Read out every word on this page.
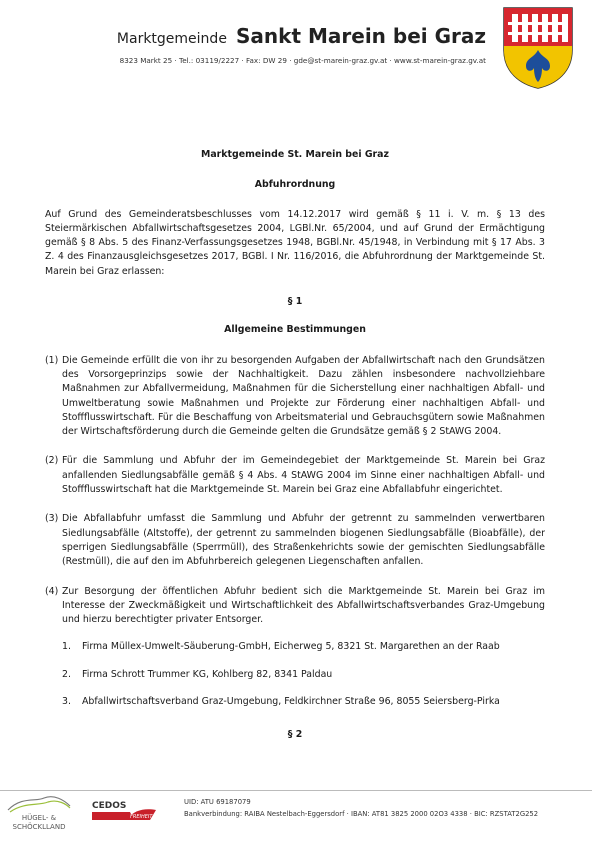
Marktgemeinde Sankt Marein bei Graz
8323 Markt 25 · Tel.: 03119/2227 · Fax: DW 29 · gde@st-marein-graz.gv.at · www.st-marein-graz.gv.at

Marktgemeinde St. Marein bei Graz

Abfuhrordnung

Auf Grund des Gemeinderatsbeschlusses vom 14.12.2017 wird gemäß § 11 i. V. m. § 13 des Steiermärkischen Abfallwirtschaftsgesetzes 2004, LGBl.Nr. 65/2004, und auf Grund der Ermächtigung gemäß § 8 Abs. 5 des Finanz-Verfassungsgesetzes 1948, BGBl.Nr. 45/1948, in Verbindung mit § 17 Abs. 3 Z. 4 des Finanzausgleichsgesetzes 2017, BGBl. I Nr. 116/2016, die Abfuhrordnung der Marktgemeinde St. Marein bei Graz erlassen:

§ 1

Allgemeine Bestimmungen

(1) Die Gemeinde erfüllt die von ihr zu besorgenden Aufgaben der Abfallwirtschaft nach den Grundsätzen des Vorsorgeprinzips sowie der Nachhaltigkeit. Dazu zählen insbesondere nachvollziehbare Maßnahmen zur Abfallvermeidung, Maßnahmen für die Sicherstellung einer nachhaltigen Abfall- und Umweltberatung sowie Maßnahmen und Projekte zur Förderung einer nachhaltigen Abfall- und Stoffflusswirtschaft. Für die Beschaffung von Arbeitsmaterial und Gebrauchsgütern sowie Maßnahmen der Wirtschaftsförderung durch die Gemeinde gelten die Grundsätze gemäß § 2 StAWG 2004.
(2) Für die Sammlung und Abfuhr der im Gemeindegebiet der Marktgemeinde St. Marein bei Graz anfallenden Siedlungsabfälle gemäß § 4 Abs. 4 StAWG 2004 im Sinne einer nachhaltigen Abfall- und Stoffflusswirtschaft hat die Marktgemeinde St. Marein bei Graz eine Abfallabfuhr eingerichtet.
(3) Die Abfallabfuhr umfasst die Sammlung und Abfuhr der getrennt zu sammelnden verwertbaren Siedlungsabfälle (Altstoffe), der getrennt zu sammelnden biogenen Siedlungsabfälle (Bioabfälle), der sperrigen Siedlungsabfälle (Sperrmüll), des Straßenkehrichts sowie der gemischten Siedlungsabfälle (Restmüll), die auf den im Abfuhrbereich gelegenen Liegenschaften anfallen.
(4) Zur Besorgung der öffentlichen Abfuhr bedient sich die Marktgemeinde St. Marein bei Graz im Interesse der Zweckmäßigkeit und Wirtschaftlichkeit des Abfallwirtschaftsverbandes Graz-Umgebung und hierzu berechtigter privater Entsorger.
1.	Firma Müllex-Umwelt-Säuberung-GmbH, Eicherweg 5, 8321 St. Margarethen an der Raab
2.	Firma Schrott Trummer KG, Kohlberg 82, 8341 Paldau
3.	Abfallwirtschaftsverband Graz-Umgebung, Feldkirchner Straße 96, 8055 Seiersberg-Pirka

§ 2

HÜGEL- &
SCHÖCKLLAND
CEDOS
FREIHEIT
UID: ATU 69187079
Bankverbindung: RAIBA Nestelbach-Eggersdorf · IBAN: AT81 3825 2000 02O3 4338 · BIC: RZSTAT2G252
